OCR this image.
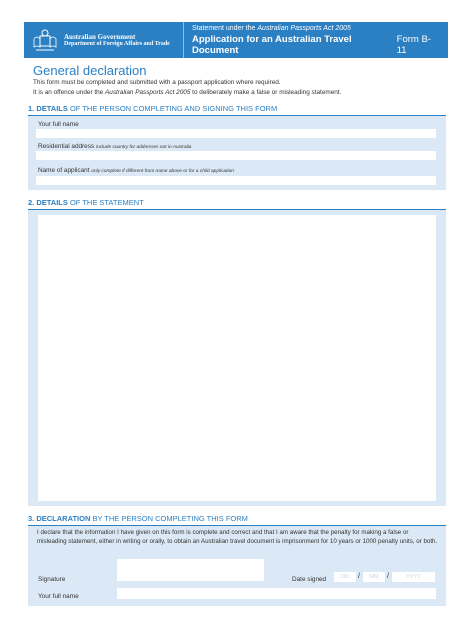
Australian Government
Department of Foreign Affairs and Trade
Statement under the Australian Passports Act 2005
Application for an Australian Travel Document
Form B-11
General declaration
This form must be completed and submitted with a passport application where required.
It is an offence under the Australian Passports Act 2005 to deliberately make a false or misleading statement.
1. DETAILS OF THE PERSON COMPLETING AND SIGNING THIS FORM
Your full name
Residential address include country for addresses not in Australia
Name of applicant only complete if different from name above or for a child application
2. DETAILS OF THE STATEMENT
3. DECLARATION BY THE PERSON COMPLETING THIS FORM
I declare that the information I have given on this form is complete and correct and that I am aware that the penalty for making a false or misleading statement, either in writing or orally, to obtain an Australian travel document is imprisonment for 10 years or 1000 penalty units, or both.
Signature	Date signed	DD	/	MM	/	YYYY
Your full name
